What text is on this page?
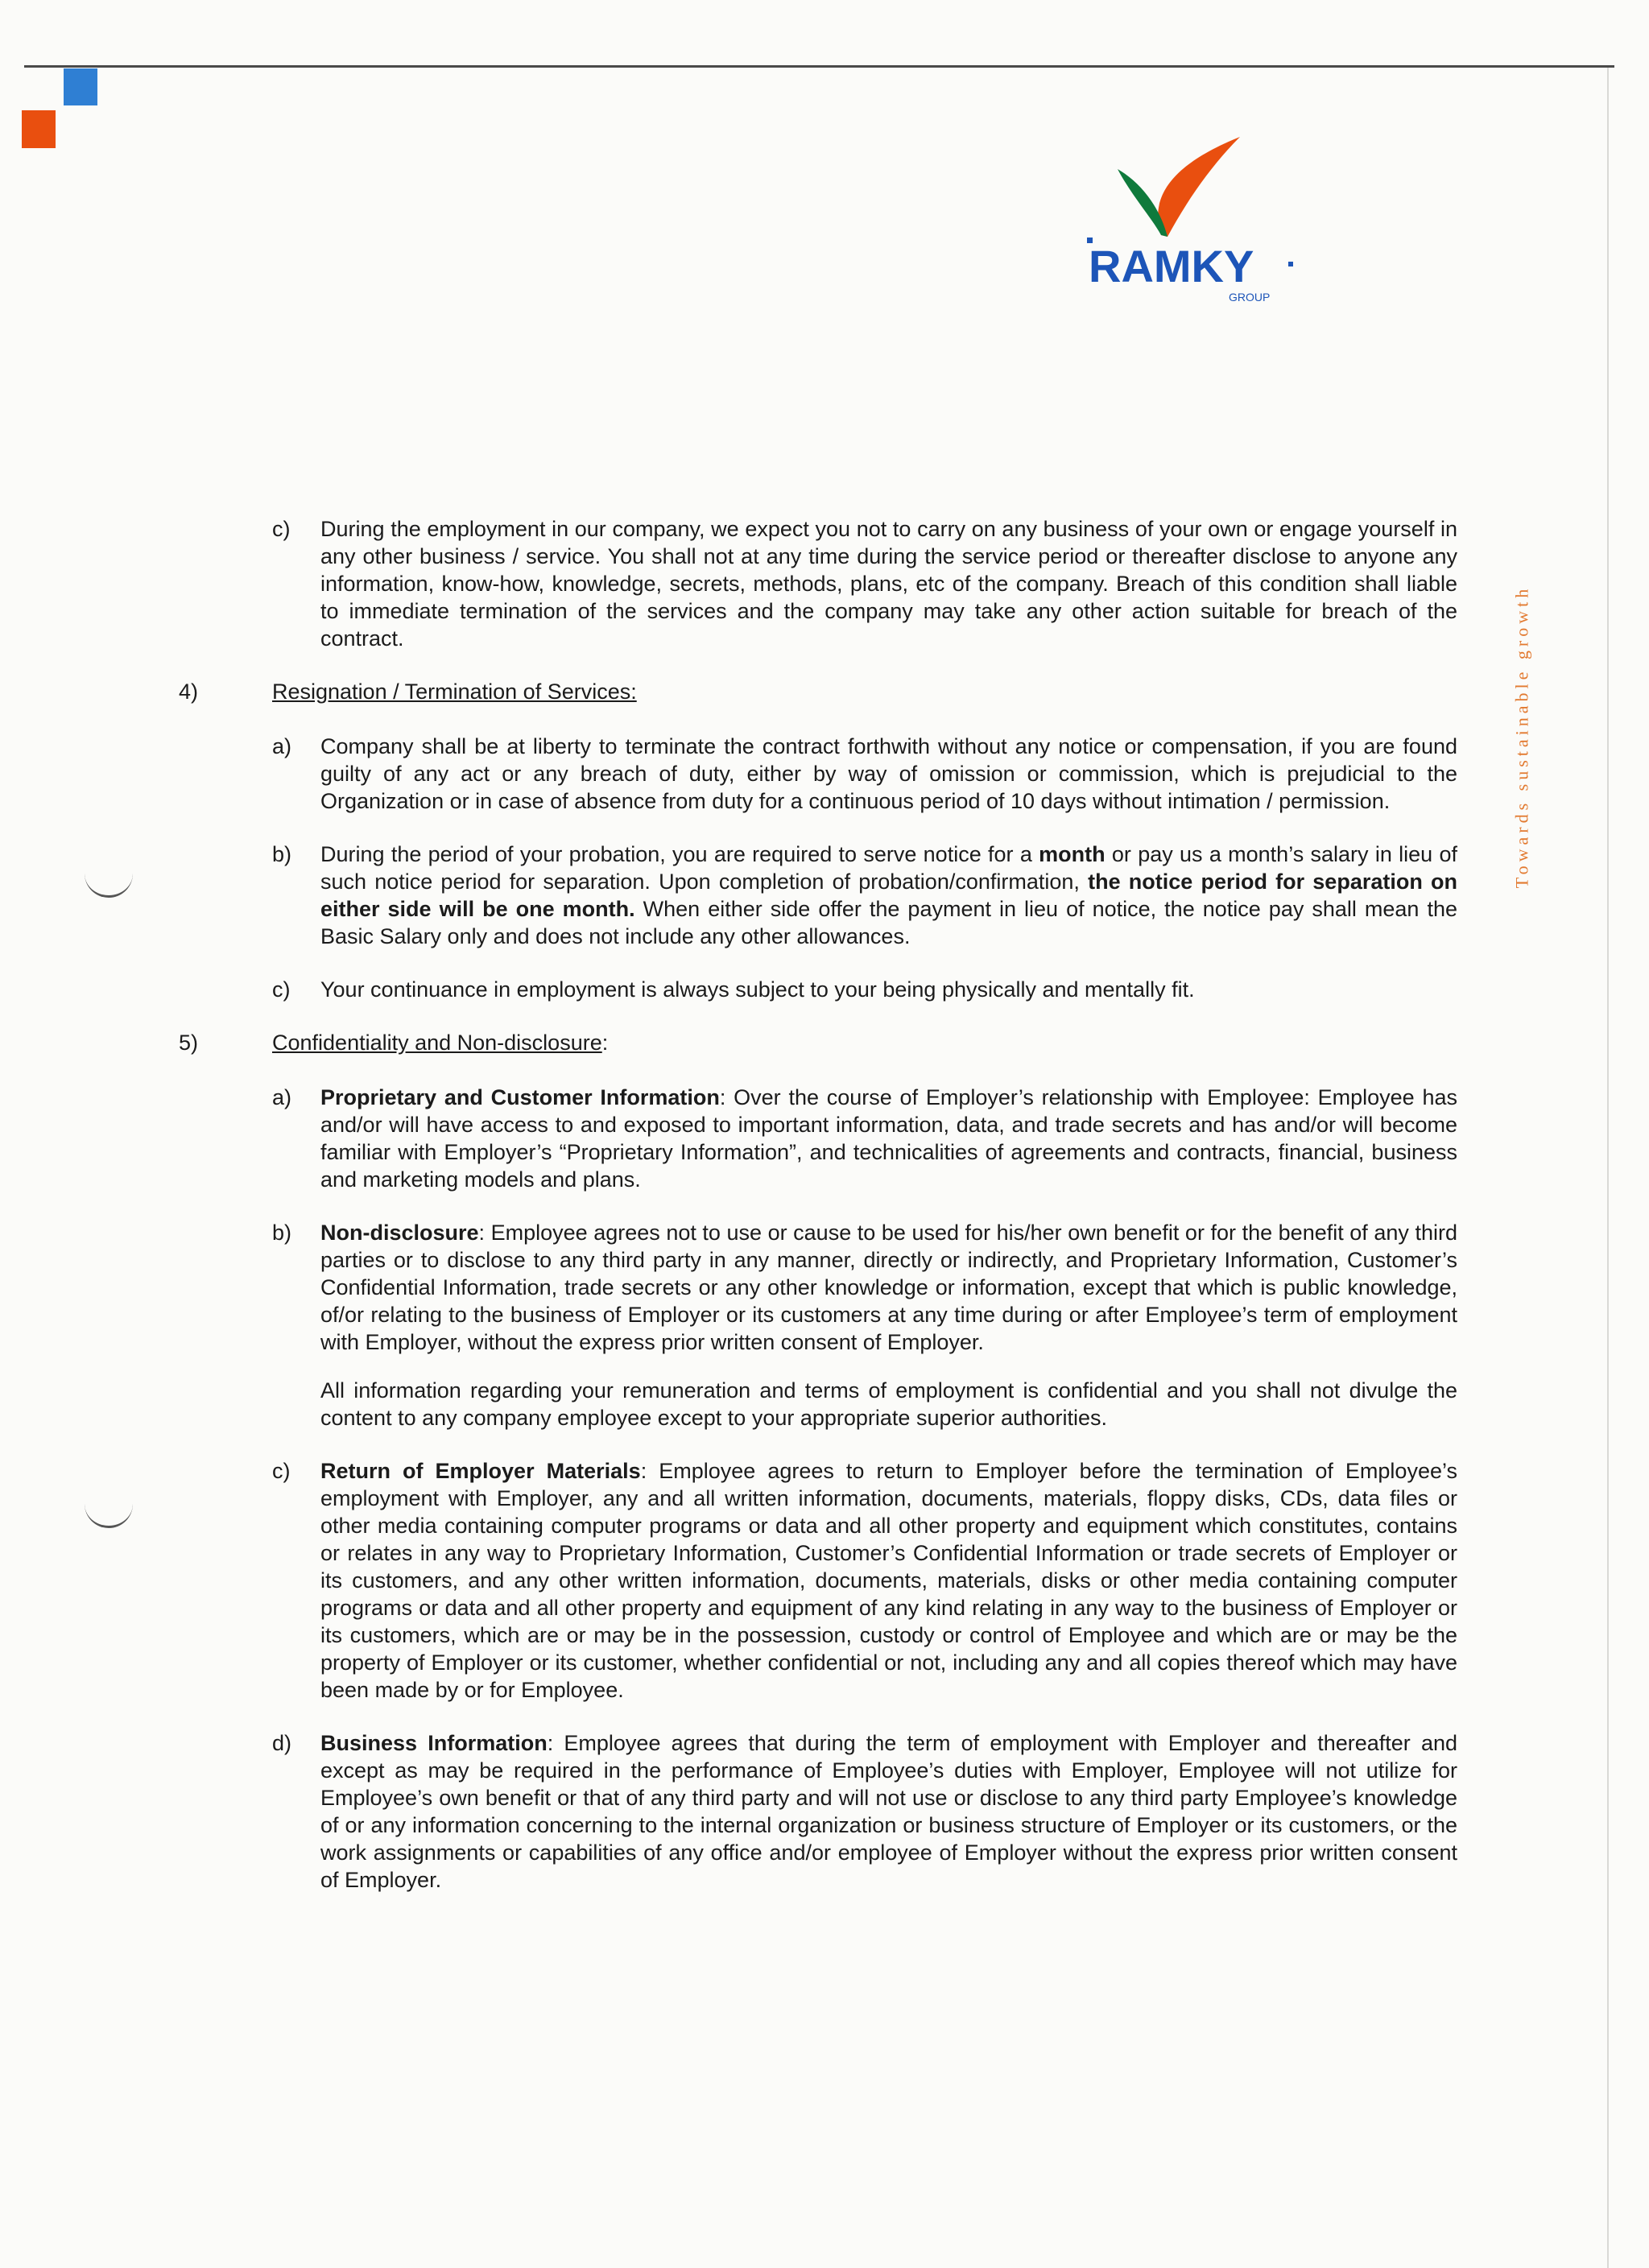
RAMKY
GROUP
Towards sustainable growth
c) During the employment in our company, we expect you not to carry on any business of your own or engage yourself in any other business / service. You shall not at any time during the service period or thereafter disclose to anyone any information, know-how, knowledge, secrets, methods, plans, etc of the company. Breach of this condition shall liable to immediate termination of the services and the company may take any other action suitable for breach of the contract.

4)	Resignation / Termination of Services:
a) Company shall be at liberty to terminate the contract forthwith without any notice or compensation, if you are found guilty of any act or any breach of duty, either by way of omission or commission, which is prejudicial to the Organization or in case of absence from duty for a continuous period of 10 days without intimation / permission.

b) During the period of your probation, you are required to serve notice for a month or pay us a month’s salary in lieu of such notice period for separation. Upon completion of probation/confirmation, the notice period for separation on either side will be one month. When either side offer the payment in lieu of notice, the notice pay shall mean the Basic Salary only and does not include any other allowances.

c) Your continuance in employment is always subject to your being physically and mentally fit.

5)	Confidentiality and Non-disclosure:
a) Proprietary and Customer Information: Over the course of Employer’s relationship with Employee: Employee has and/or will have access to and exposed to important information, data, and trade secrets and has and/or will become familiar with Employer’s “Proprietary Information”, and technicalities of agreements and contracts, financial, business and marketing models and plans.

b) Non-disclosure: Employee agrees not to use or cause to be used for his/her own benefit or for the benefit of any third parties or to disclose to any third party in any manner, directly or indirectly, and Proprietary Information, Customer’s Confidential Information, trade secrets or any other knowledge or information, except that which is public knowledge, of/or relating to the business of Employer or its customers at any time during or after Employee’s term of employment with Employer, without the express prior written consent of Employer.

All information regarding your remuneration and terms of employment is confidential and you shall not divulge the content to any company employee except to your appropriate superior authorities.

c) Return of Employer Materials: Employee agrees to return to Employer before the termination of Employee’s employment with Employer, any and all written information, documents, materials, floppy disks, CDs, data files or other media containing computer programs or data and all other property and equipment which constitutes, contains or relates in any way to Proprietary Information, Customer’s Confidential Information or trade secrets of Employer or its customers, and any other written information, documents, materials, disks or other media containing computer programs or data and all other property and equipment of any kind relating in any way to the business of Employer or its customers, which are or may be in the possession, custody or control of Employee and which are or may be the property of Employer or its customer, whether confidential or not, including any and all copies thereof which may have been made by or for Employee.

d) Business Information: Employee agrees that during the term of employment with Employer and thereafter and except as may be required in the performance of Employee’s duties with Employer, Employee will not utilize for Employee’s own benefit or that of any third party and will not use or disclose to any third party Employee’s knowledge of or any information concerning to the internal organization or business structure of Employer or its customers, or the work assignments or capabilities of any office and/or employee of Employer without the express prior written consent of Employer.
